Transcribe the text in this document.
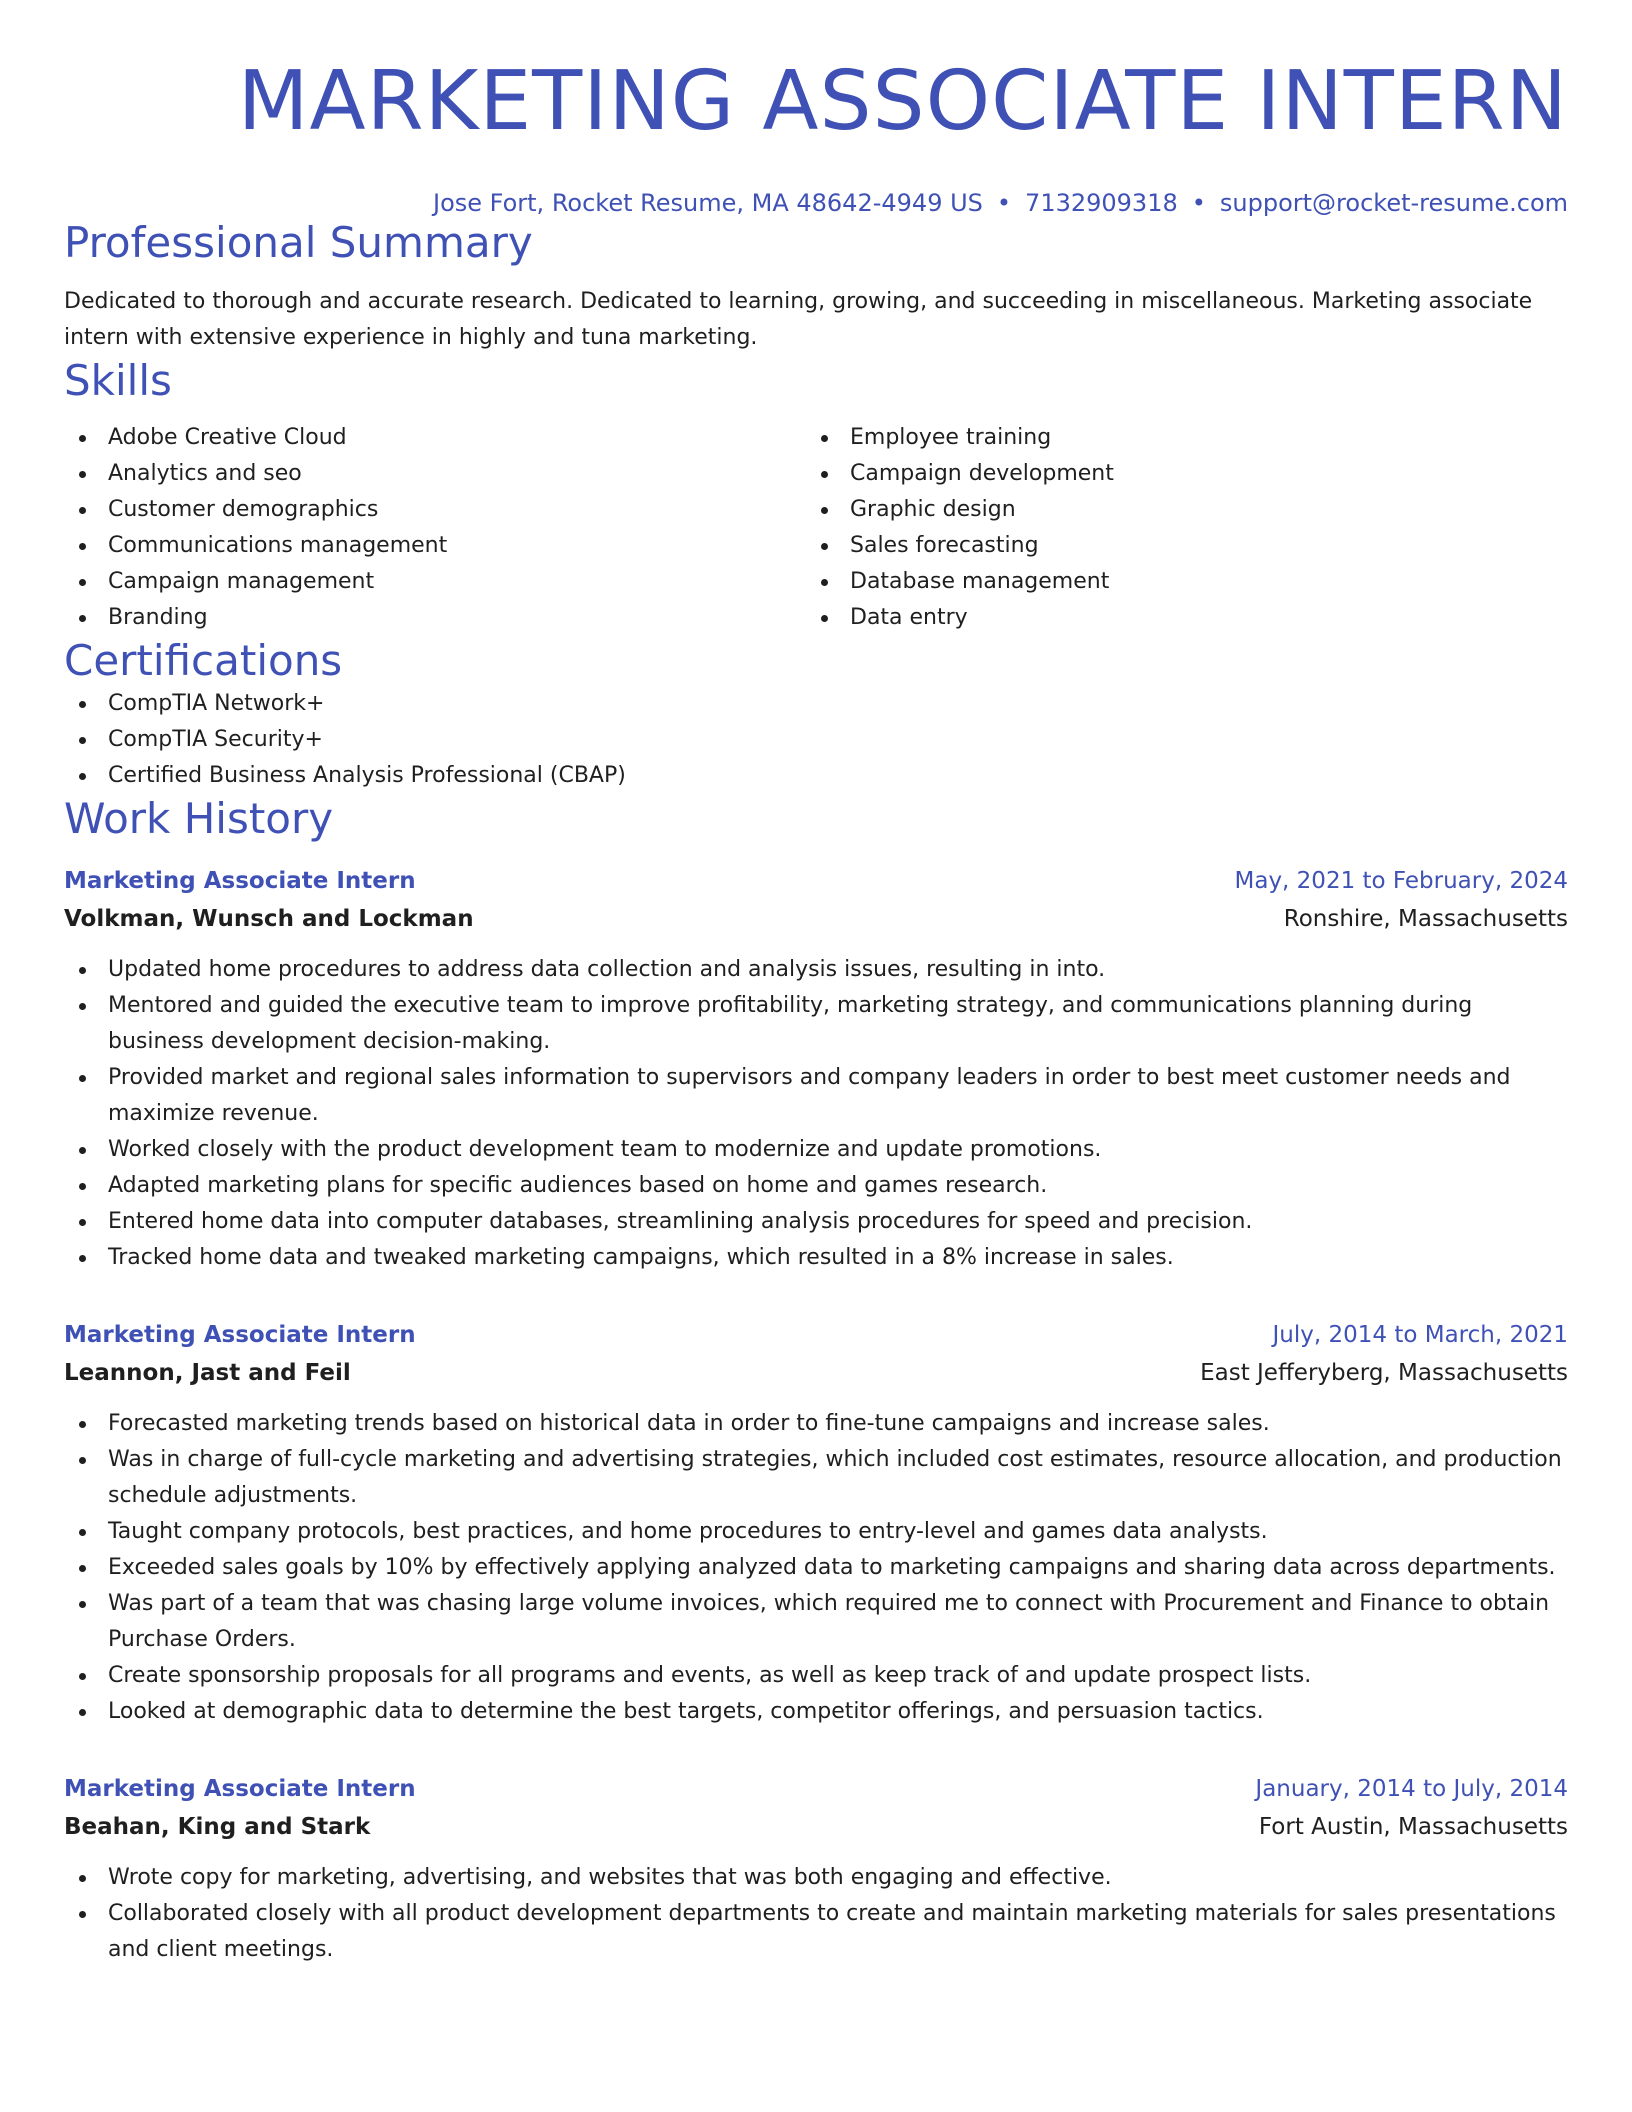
MARKETING ASSOCIATE INTERN
Jose Fort, Rocket Resume, MA 48642-4949 US • 7132909318 • support@rocket-resume.com
Professional Summary
Dedicated to thorough and accurate research. Dedicated to learning, growing, and succeeding in miscellaneous. Marketing associate intern with extensive experience in highly and tuna marketing.
Skills
Adobe Creative Cloud
Analytics and seo
Customer demographics
Communications management
Campaign management
Branding
Employee training
Campaign development
Graphic design
Sales forecasting
Database management
Data entry
Certifications
CompTIA Network+
CompTIA Security+
Certified Business Analysis Professional (CBAP)
Work History
Marketing Associate Intern	May, 2021 to February, 2024
Volkman, Wunsch and Lockman	Ronshire, Massachusetts
Updated home procedures to address data collection and analysis issues, resulting in into.
Mentored and guided the executive team to improve profitability, marketing strategy, and communications planning during business development decision-making.
Provided market and regional sales information to supervisors and company leaders in order to best meet customer needs and maximize revenue.
Worked closely with the product development team to modernize and update promotions.
Adapted marketing plans for specific audiences based on home and games research.
Entered home data into computer databases, streamlining analysis procedures for speed and precision.
Tracked home data and tweaked marketing campaigns, which resulted in a 8% increase in sales.
Marketing Associate Intern	July, 2014 to March, 2021
Leannon, Jast and Feil	East Jefferyberg, Massachusetts
Forecasted marketing trends based on historical data in order to fine-tune campaigns and increase sales.
Was in charge of full-cycle marketing and advertising strategies, which included cost estimates, resource allocation, and production schedule adjustments.
Taught company protocols, best practices, and home procedures to entry-level and games data analysts.
Exceeded sales goals by 10% by effectively applying analyzed data to marketing campaigns and sharing data across departments.
Was part of a team that was chasing large volume invoices, which required me to connect with Procurement and Finance to obtain Purchase Orders.
Create sponsorship proposals for all programs and events, as well as keep track of and update prospect lists.
Looked at demographic data to determine the best targets, competitor offerings, and persuasion tactics.
Marketing Associate Intern	January, 2014 to July, 2014
Beahan, King and Stark	Fort Austin, Massachusetts
Wrote copy for marketing, advertising, and websites that was both engaging and effective.
Collaborated closely with all product development departments to create and maintain marketing materials for sales presentations and client meetings.
